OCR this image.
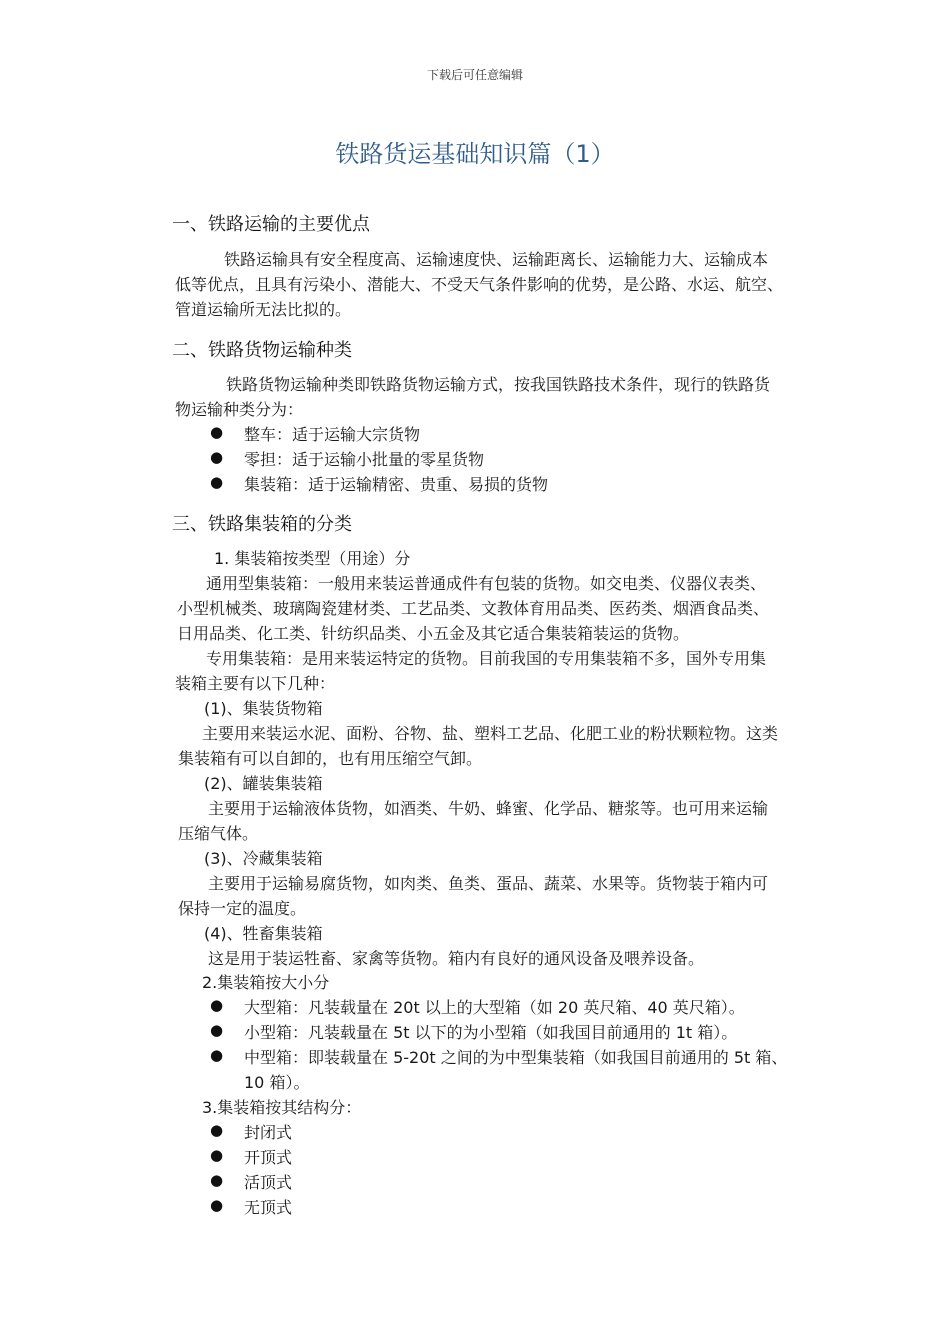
下载后可任意编辑
铁路货运基础知识篇（1）
一、铁路运输的主要优点
铁路运输具有安全程度高、运输速度快、运输距离长、运输能力大、运输成本
低等优点，且具有污染小、潜能大、不受天气条件影响的优势，是公路、水运、航空、
管道运输所无法比拟的。
二、铁路货物运输种类
铁路货物运输种类即铁路货物运输方式，按我国铁路技术条件，现行的铁路货
物运输种类分为：
● 整车：适于运输大宗货物
● 零担：适于运输小批量的零星货物
● 集装箱：适于运输精密、贵重、易损的货物
三、铁路集装箱的分类
1. 集装箱按类型（用途）分
通用型集装箱：一般用来装运普通成件有包装的货物。如交电类、仪器仪表类、
小型机械类、玻璃陶瓷建材类、工艺品类、文教体育用品类、医药类、烟酒食品类、
日用品类、化工类、针纺织品类、小五金及其它适合集装箱装运的货物。
专用集装箱：是用来装运特定的货物。目前我国的专用集装箱不多，国外专用集
装箱主要有以下几种：
(1)、集装货物箱
主要用来装运水泥、面粉、谷物、盐、塑料工艺品、化肥工业的粉状颗粒物。这类
集装箱有可以自卸的，也有用压缩空气卸。
(2)、罐装集装箱
主要用于运输液体货物，如酒类、牛奶、蜂蜜、化学品、糖浆等。也可用来运输
压缩气体。
(3)、冷藏集装箱
主要用于运输易腐货物，如肉类、鱼类、蛋品、蔬菜、水果等。货物装于箱内可
保持一定的温度。
(4)、牲畜集装箱
这是用于装运牲畜、家禽等货物。箱内有良好的通风设备及喂养设备。
2.集装箱按大小分
● 大型箱：凡装载量在 20t 以上的大型箱（如 20 英尺箱、40 英尺箱）。
● 小型箱：凡装载量在 5t 以下的为小型箱（如我国目前通用的 1t 箱）。
● 中型箱：即装载量在 5-20t 之间的为中型集装箱（如我国目前通用的 5t 箱、
10 箱）。
3.集装箱按其结构分：
● 封闭式
● 开顶式
● 活顶式
● 无顶式
